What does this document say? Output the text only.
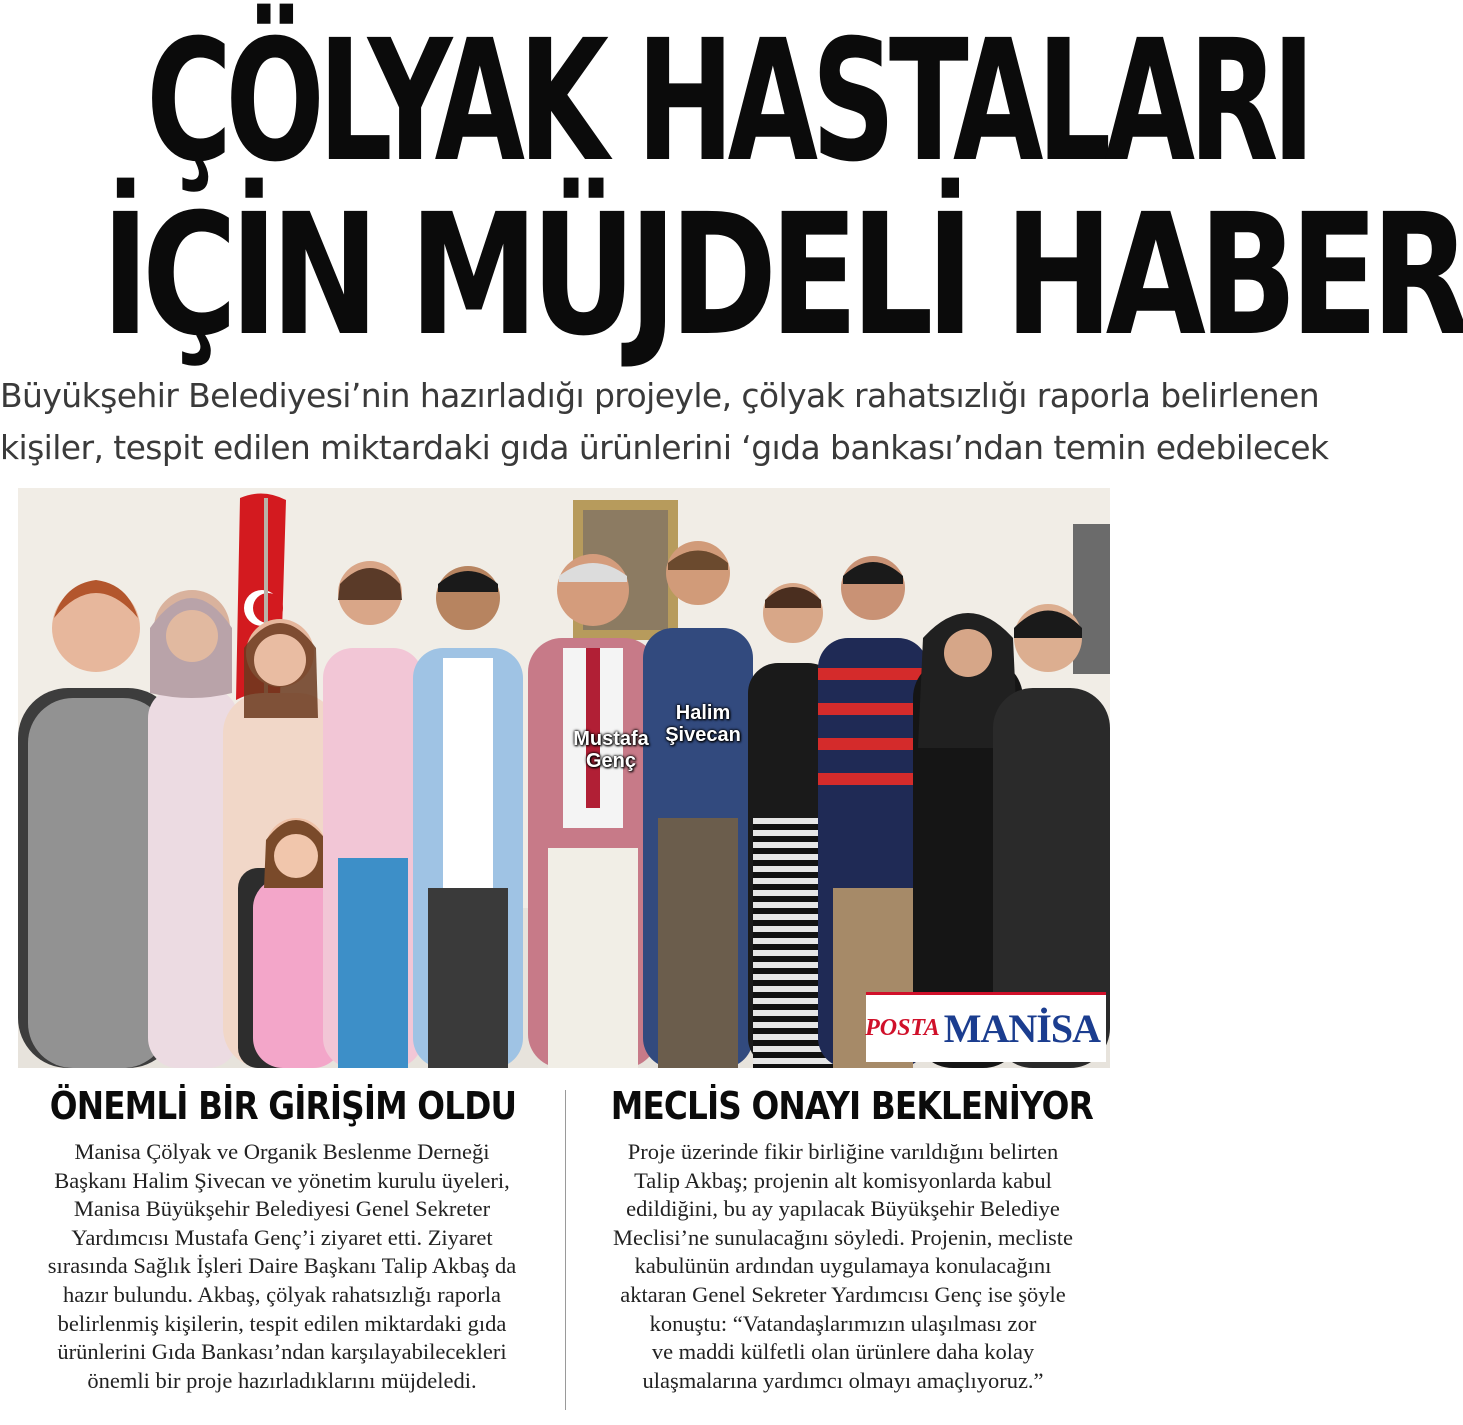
ÇÖLYAK HASTALARI
İÇİN MÜJDELİ HABER
Büyükşehir Belediyesi’nin hazırladığı projeyle, çölyak rahatsızlığı raporla belirlenen
kişiler, tespit edilen miktardaki gıda ürünlerini ‘gıda bankası’ndan temin edebilecek
Mustafa
Genç
Halim
Şivecan
POSTA MANİSA
ÖNEMLİ BİR GİRİŞİM OLDU MECLİS ONAYI BEKLENİYOR
Manisa Çölyak ve Organik Beslenme Derneği
Başkanı Halim Şivecan ve yönetim kurulu üyeleri,
Manisa Büyükşehir Belediyesi Genel Sekreter
Yardımcısı Mustafa Genç’i ziyaret etti. Ziyaret
sırasında Sağlık İşleri Daire Başkanı Talip Akbaş da
hazır bulundu. Akbaş, çölyak rahatsızlığı raporla
belirlenmiş kişilerin, tespit edilen miktardaki gıda
ürünlerini Gıda Bankası’ndan karşılayabilecekleri
önemli bir proje hazırladıklarını müjdeledi.
Proje üzerinde fikir birliğine varıldığını belirten
Talip Akbaş; projenin alt komisyonlarda kabul
edildiğini, bu ay yapılacak Büyükşehir Belediye
Meclisi’ne sunulacağını söyledi. Projenin, mecliste
kabulünün ardından uygulamaya konulacağını
aktaran Genel Sekreter Yardımcısı Genç ise şöyle
konuştu: “Vatandaşlarımızın ulaşılması zor
ve maddi külfetli olan ürünlere daha kolay
ulaşmalarına yardımcı olmayı amaçlıyoruz.”
